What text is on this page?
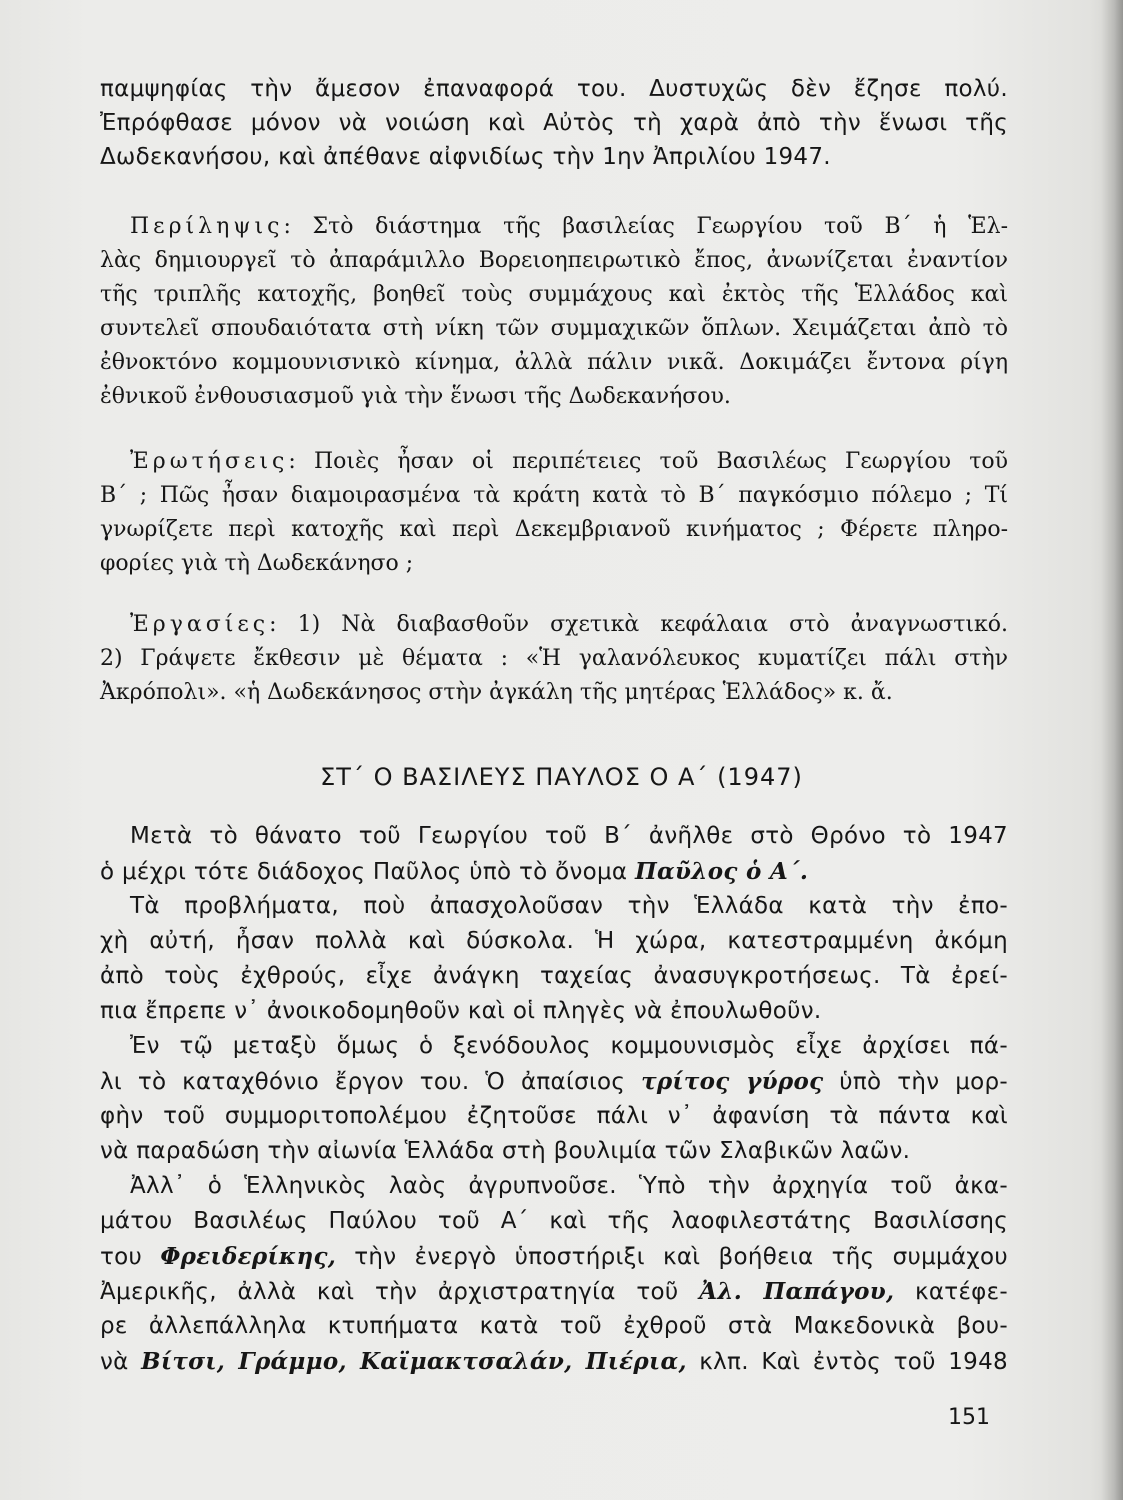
παμψηφίας τὴν ἄμεσον ἐπαναφορά του. Δυστυχῶς δὲν ἔζησε πολύ.
Ἐπρόφθασε μόνον νὰ νοιώση καὶ Αὐτὸς τὴ χαρὰ ἀπὸ τὴν ἕνωσι τῆς
Δωδεκανήσου, καὶ ἀπέθανε αἰφνιδίως τὴν 1ην Ἀπριλίου 1947.
Περίληψις: Στὸ διάστημα τῆς βασιλείας Γεωργίου τοῦ Β΄ ἡ Ἑλ-
λὰς δημιουργεῖ τὸ ἀπαράμιλλο Βορειοηπειρωτικὸ ἔπος, ἀνωνίζεται ἐναντίον
τῆς τριπλῆς κατοχῆς, βοηθεῖ τοὺς συμμάχους καὶ ἐκτὸς τῆς Ἑλλάδος καὶ
συντελεῖ σπουδαιότατα στὴ νίκη τῶν συμμαχικῶν ὅπλων. Χειμάζεται ἀπὸ τὸ
ἐθνοκτόνο κομμουνισνικὸ κίνημα, ἀλλὰ πάλιν νικᾶ. Δοκιμάζει ἔντονα ρίγη
ἐθνικοῦ ἐνθουσιασμοῦ γιὰ τὴν ἕνωσι τῆς Δωδεκανήσου.
Ἐρωτήσεις: Ποιὲς ἦσαν οἱ περιπέτειες τοῦ Βασιλέως Γεωργίου τοῦ
Β΄ ; Πῶς ἦσαν διαμοιρασμένα τὰ κράτη κατὰ τὸ Β΄ παγκόσμιο πόλεμο ; Τί
γνωρίζετε περὶ κατοχῆς καὶ περὶ Δεκεμβριανοῦ κινήματος ; Φέρετε πληρο-
φορίες γιὰ τὴ Δωδεκάνησο ;
Ἐργασίες: 1) Νὰ διαβασθοῦν σχετικὰ κεφάλαια στὸ ἀναγνωστικό.
2) Γράψετε ἔκθεσιν μὲ θέματα : «Ἡ γαλανόλευκος κυματίζει πάλι στὴν
Ἀκρόπολι». «ἡ Δωδεκάνησος στὴν ἀγκάλη τῆς μητέρας Ἑλλάδος» κ. ἄ.
ΣΤ΄ Ο ΒΑΣΙΛΕΥΣ ΠΑΥΛΟΣ Ο Α΄ (1947)
Μετὰ τὸ θάνατο τοῦ Γεωργίου τοῦ Β΄ ἀνῆλθε στὸ Θρόνο τὸ 1947
ὁ μέχρι τότε διάδοχος Παῦλος ὑπὸ τὸ ὄνομα Παῦλος ὁ Α΄.
Τὰ προβλήματα, ποὺ ἀπασχολοῦσαν τὴν Ἑλλάδα κατὰ τὴν ἐπο-
χὴ αὐτή, ἦσαν πολλὰ καὶ δύσκολα. Ἡ χώρα, κατεστραμμένη ἀκόμη
ἀπὸ τοὺς ἐχθρούς, εἶχε ἀνάγκη ταχείας ἀνασυγκροτήσεως. Τὰ ἐρεί-
πια ἔπρεπε ν᾽ ἀνοικοδομηθοῦν καὶ οἱ πληγὲς νὰ ἐπουλωθοῦν.
Ἐν τῷ μεταξὺ ὅμως ὁ ξενόδουλος κομμουνισμὸς εἶχε ἀρχίσει πά-
λι τὸ καταχθόνιο ἔργον του. Ὁ ἀπαίσιος τρίτος γύρος ὑπὸ τὴν μορ-
φὴν τοῦ συμμοριτοπολέμου ἐζητοῦσε πάλι ν᾽ ἀφανίση τὰ πάντα καὶ
νὰ παραδώση τὴν αἰωνία Ἑλλάδα στὴ βουλιμία τῶν Σλαβικῶν λαῶν.
Ἀλλ᾽ ὁ Ἑλληνικὸς λαὸς ἀγρυπνοῦσε. Ὑπὸ τὴν ἀρχηγία τοῦ ἀκα-
μάτου Βασιλέως Παύλου τοῦ Α΄ καὶ τῆς λαοφιλεστάτης Βασιλίσσης
του Φρειδερίκης, τὴν ἐνεργὸ ὑποστήριξι καὶ βοήθεια τῆς συμμάχου
Ἀμερικῆς, ἀλλὰ καὶ τὴν ἀρχιστρατηγία τοῦ Ἀλ. Παπάγου, κατέφε-
ρε ἀλλεπάλληλα κτυπήματα κατὰ τοῦ ἐχθροῦ στὰ Μακεδονικὰ βου-
νὰ Βίτσι, Γράμμο, Καϊμακτσαλάν, Πιέρια, κλπ. Καὶ ἐντὸς τοῦ 1948
151
